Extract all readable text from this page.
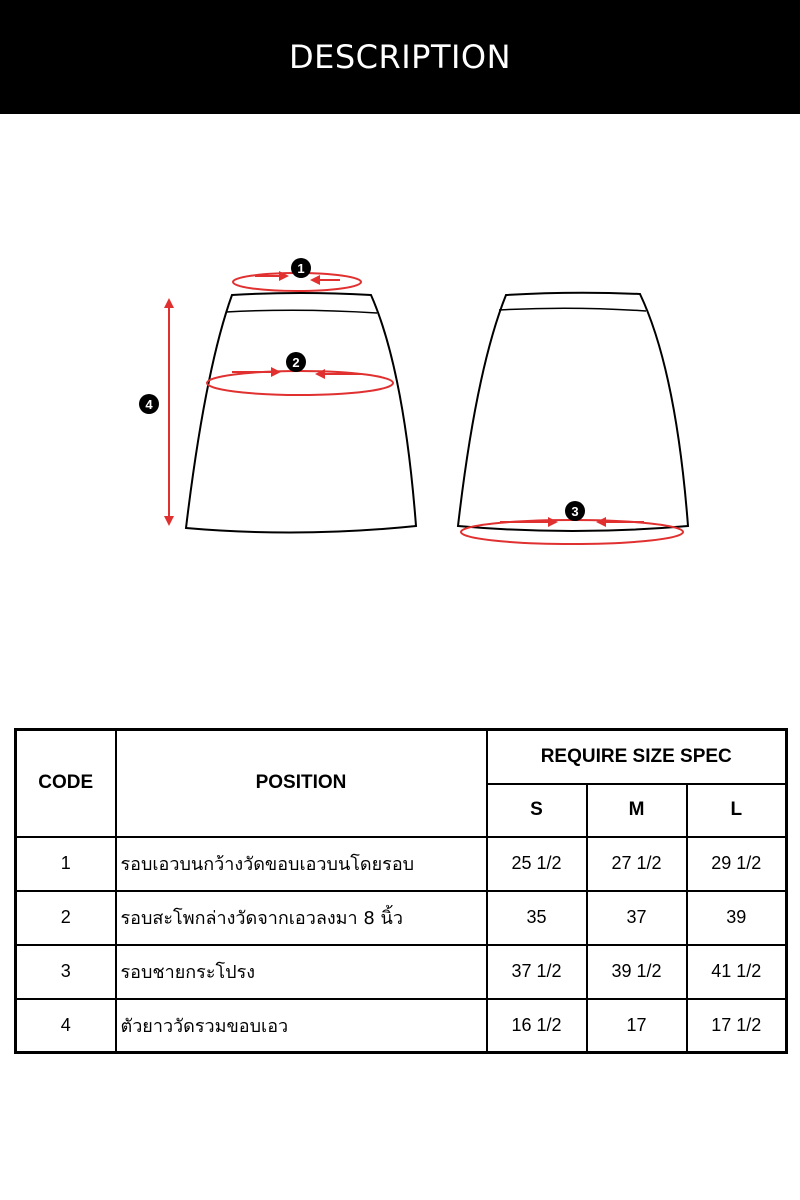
DESCRIPTION
1
2
4
3
CODE	POSITION	REQUIRE SIZE SPEC		
		S	M	L
1	รอบเอวบนกว้างวัดขอบเอวบนโดยรอบ	25 1/2	27 1/2	29 1/2
2	รอบสะโพกล่างวัดจากเอวลงมา 8 นิ้ว	35	37	39
3	รอบชายกระโปรง	37 1/2	39 1/2	41 1/2
4	ตัวยาววัดรวมขอบเอว	16 1/2	17	17 1/2
